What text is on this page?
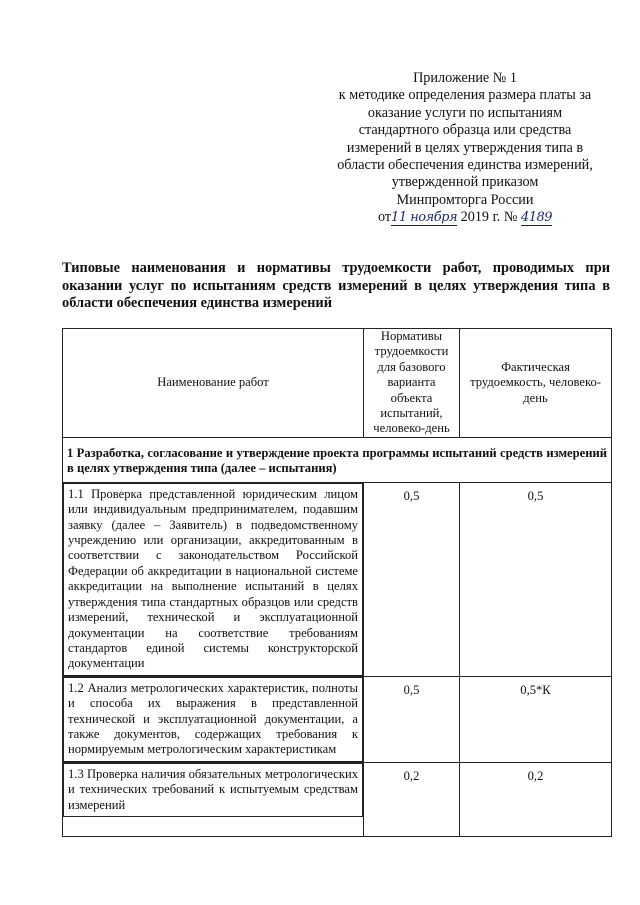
Приложение № 1
к методике определения размера платы за
оказание услуги по испытаниям
стандартного образца или средства
измерений в целях утверждения типа в
области обеспечения единства измерений,
утвержденной приказом
Минпромторга России
от11 ноября 2019 г. № 4189
Типовые наименования и нормативы трудоемкости работ, проводимых при оказании услуг по испытаниям средств измерений в целях утверждения типа в области обеспечения единства измерений
Наименование работ	Нормативы трудоемкости для базового варианта объекта испытаний, человеко-день	Фактическая трудоемкость, человеко-день
1 Разработка, согласование и утверждение проекта программы испытаний средств измерений в целях утверждения типа (далее – испытания)		

1.1 Проверка представленной юридическим лицом или индивидуальным предпринимателем, подавшим заявку (далее – Заявитель) в подведомственному учреждению или организации, аккредитованным в соответствии с законодательством Российской Федерации об аккредитации в национальной системе аккредитации на выполнение испытаний в целях утверждения типа стандартных образцов или средств измерений, технической и эксплуатационной документации на соответствие требованиям стандартов единой системы конструкторской документации	0,5	0,5

1.2 Анализ метрологических характеристик, полноты и способа их выражения в представленной технической и эксплуатационной документации, а также документов, содержащих требования к нормируемым метрологическим характеристикам	0,5	0,5*К

1.3 Проверка наличия обязательных метрологических и технических требований к испытуемым средствам измерений	0,2	0,2
